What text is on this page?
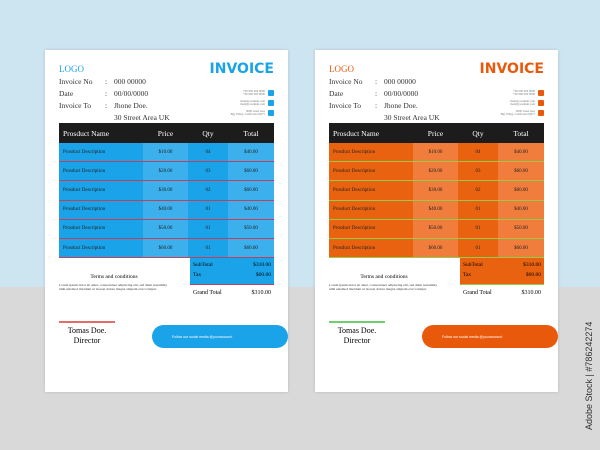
LOGO	INVOICE
Invoice No : 000 00000
Date	: 00/00/0000
Invoice To : Jhone Doe.
30 Street Area UK
+00 000 000 0000
+00 000 000 0000
mail@yourmail.com
mail@yourmail.com
0000 street area
Big Valley, California 00477
Prosduct Name	Price	Qty	Total
Prosduct Description	$10.00	04	$40.00
Prosduct Description	$20.00	03	$60.00
Prosduct Description	$30.00	02	$60.00
Prosduct Description	$40.00	01	$40.00
Prosduct Description	$50.00	01	$50.00
Prosduct Description	$60.00	01	$60.00
SubTotal	$310.00
Tax	$00.00
Grand Total	$310.00
Terms and conditions

Lorem ipsum dolor sit amet, consectetuer adipiscing elit, sed diam nonummy nibh euismod tincidunt ut laoreet dolore magna aliquam erat volutpat.

Tomas Doe.
Director	Follow our social media @youraccount
LOGO	INVOICE
Invoice No : 000 00000
Date	: 00/00/0000
Invoice To : Jhone Doe.
30 Street Area UK
+00 000 000 0000
+00 000 000 0000
mail@yourmail.com
mail@yourmail.com
0000 street area
Big Valley, California 00477
Prosduct Name	Price	Qty	Total
Prosduct Description	$10.00	04	$40.00
Prosduct Description	$20.00	03	$60.00
Prosduct Description	$30.00	02	$60.00
Prosduct Description	$40.00	01	$40.00
Prosduct Description	$50.00	01	$50.00
Prosduct Description	$60.00	01	$60.00
SubTotal	$310.00
Tax	$00.00
Grand Total	$310.00
Terms and conditions

Lorem ipsum dolor sit amet, consectetuer adipiscing elit, sed diam nonummy nibh euismod tincidunt ut laoreet dolore magna aliquam erat volutpat.

Tomas Doe.
Director	Follow our social media @youraccount	Adobe Stock | #786242274
